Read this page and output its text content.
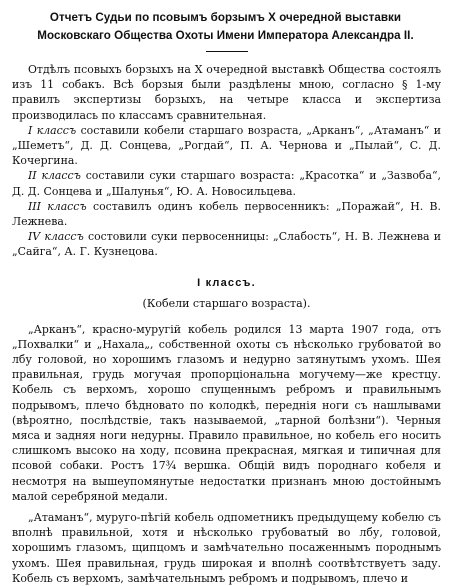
Отчетъ Судьи по псовымъ борзымъ X очередной выставки Московскаго Общества Охоты Имени Императора Александра II.

Отдѣлъ псовыхъ борзыхъ на X очередной выставкѣ Общества состоялъ изъ 11 собакъ. Всѣ борзыя были раздѣлены мною, согласно § 1-му правилъ экспертизы борзыхъ, на четыре класса и экспертиза производилась по классамъ сравнительная.

I классъ составили кобели старшаго возраста, „Арканъ“, „Атаманъ“ и „Шеметъ“, Д. Д. Сонцева, „Рогдай“, П. А. Чернова и „Пылай“, С. Д. Кочергина.

II классъ составили суки старшаго возраста: „Красотка“ и „Зазвоба“, Д. Д. Сонцева и „Шалунья“, Ю. А. Новосильцева.

III классъ составилъ одинъ кобель первосенникъ: „Поражай“, Н. В. Лежнева.

IV классъ состовили суки первосенницы: „Слабость“, Н. В. Лежнева и „Сайга“, А. Г. Кузнецова.

I классъ.
(Кобели старшаго возраста).

„Арканъ“, красно-муругій кобель родился 13 марта 1907 года, отъ „Похвалки“ и „Нахала„, собственной охоты съ нѣсколько грубоватой во лбу головой, но хорошимъ глазомъ и недурно затянутымъ ухомъ. Шея правильная, грудь могучая пропорціональна могучему—же крестцу. Кобель съ верхомъ, хорошо спущеннымъ ребромъ и правильнымъ подрывомъ, плечо бѣдновато по колодкѣ, переднія ноги съ нашлывами (вѣроятно, послѣдствіе, такъ называемой, „тарной болѣзни“). Черныя мяса и задняя ноги недурны. Правило правильное, но кобель его носить слишкомъ высоко на ходу, псовина прекрасная, мягкая и типичная для псовой собаки. Ростъ 17¾ вершка. Общій видъ породнаго кобеля и несмотря на вышеупомянутые недостатки признанъ мною достойнымъ малой серебряной медали.

„Атаманъ“, муруго-пѣгій кобель одпометникъ предыдущему кобелю съ вполнѣ правильной, хотя и нѣсколько грубоватый во лбу, головой, хорошимъ глазомъ, щипцомъ и замѣчательно посаженнымъ породнымъ ухомъ. Шея правильная, грудь широкая и вполнѣ соотвѣтствуетъ заду. Кобель съ верхомъ, замѣчательнымъ ребромъ и подрывомъ, плечо и
